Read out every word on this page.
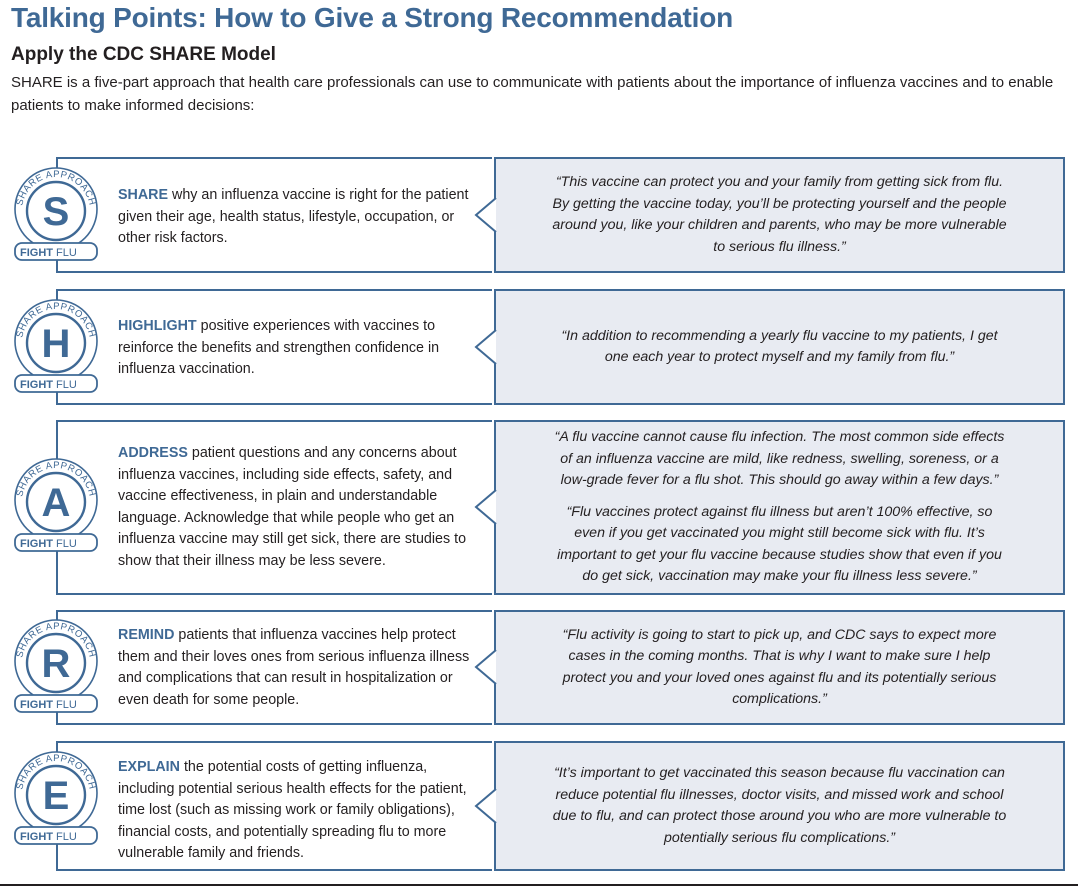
Talking Points: How to Give a Strong Recommendation
Apply the CDC SHARE Model
SHARE is a five-part approach that health care professionals can use to communicate with patients about the importance of influenza vaccines and to enable patients to make informed decisions:

“This vaccine can protect you and your family from getting sick from flu. By getting the vaccine today, you’ll be protecting yourself and the people around you, like your children and parents, who may be more vulnerable to serious flu illness.”

SHARE APPROACH
S
FIGHT FLU
SHARE why an influenza vaccine is right for the patient given their age, health status, lifestyle, occupation, or other risk factors.

“In addition to recommending a yearly flu vaccine to my patients, I get one each year to protect myself and my family from flu.”

SHARE APPROACH
H
FIGHT FLU
HIGHLIGHT positive experiences with vaccines to reinforce the benefits and strengthen confidence in influenza vaccination.

“A flu vaccine cannot cause flu infection. The most common side effects of an influenza vaccine are mild, like redness, swelling, soreness, or a low-grade fever for a flu shot. This should go away within a few days.”

“Flu vaccines protect against flu illness but aren’t 100% effective, so even if you get vaccinated you might still become sick with flu. It’s important to get your flu vaccine because studies show that even if you do get sick, vaccination may make your flu illness less severe.”

SHARE APPROACH
A
FIGHT FLU
ADDRESS patient questions and any concerns about influenza vaccines, including side effects, safety, and vaccine effectiveness, in plain and understandable language. Acknowledge that while people who get an influenza vaccine may still get sick, there are studies to show that their illness may be less severe.

“Flu activity is going to start to pick up, and CDC says to expect more cases in the coming months. That is why I want to make sure I help protect you and your loved ones against flu and its potentially serious complications.”

SHARE APPROACH
R
FIGHT FLU
REMIND patients that influenza vaccines help protect them and their loves ones from serious influenza illness and complications that can result in hospitalization or even death for some people.

“It’s important to get vaccinated this season because flu vaccination can reduce potential flu illnesses, doctor visits, and missed work and school due to flu, and can protect those around you who are more vulnerable to potentially serious flu complications.”

SHARE APPROACH
E
FIGHT FLU
EXPLAIN the potential costs of getting influenza, including potential serious health effects for the patient, time lost (such as missing work or family obligations), financial costs, and potentially spreading flu to more vulnerable family and friends.
